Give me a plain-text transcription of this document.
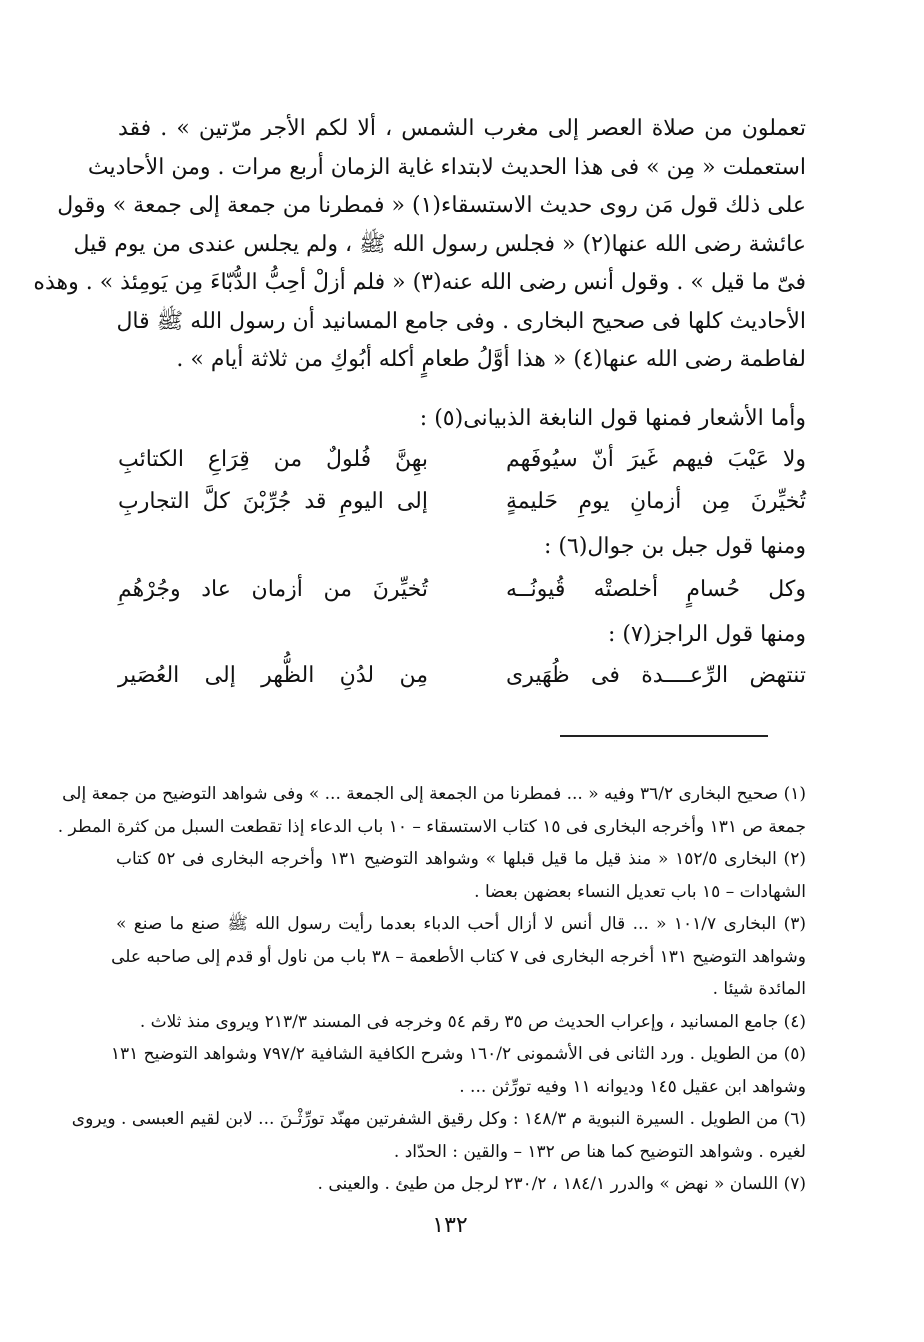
تعملون من صلاة العصر إلى مغرب الشمس ، ألا لكم الأجر مرّتين » . فقد
استعملت « مِن » فى هذا الحديث لابتداء غاية الزمان أربع مرات . ومن الأحاديث
على ذلك قول مَن روى حديث الاستسقاء(١) « فمطرنا من جمعة إلى جمعة » وقول
عائشة رضى الله عنها(٢) « فجلس رسول الله ﷺ ، ولم يجلس عندى من يوم قيل
فىّ ما قيل » . وقول أنس رضى الله عنه(٣) « فلم أزلْ أحِبُّ الدُّبّاءَ مِن يَومِئذ » . وهذه
الأحاديث كلها فى صحيح البخارى . وفى جامع المسانيد أن رسول الله ﷺ قال
لفاطمة رضى الله عنها(٤) « هذا أوَّلُ طعامٍ أكله أبُوكِ من ثلاثة أيام » .
وأما الأشعار فمنها قول النابغة الذبيانى(٥) :
ولا عَيْبَ فيهم غَيرَ أنّ سيُوفَهم
بهِنَّ فُلولٌ من قِرَاعِ الكتائبِ
تُخيِّرنَ مِن أزمانِ يومِ حَليمةٍ
إلى اليومِ قد جُرِّبْنَ كلَّ التجاربِ
ومنها قول جبل بن جوال(٦) :
وكل حُسامٍ أخلصتْه قُيونُــه
تُخيِّرنَ من أزمان عاد وجُرْهُمِ
ومنها قول الراجز(٧) :
تنتهض الرِّعــــدة فى ظُهَيرى
مِن لدُنِ الظُّهر إلى العُصَير
(١) صحيح البخارى ٣٦/٢ وفيه « ... فمطرنا من الجمعة إلى الجمعة ... » وفى شواهد التوضيح من جمعة إلى
جمعة ص ١٣١ وأخرجه البخارى فى ١٥ كتاب الاستسقاء – ١٠ باب الدعاء إذا تقطعت السبل من كثرة المطر .
(٢) البخارى ١٥٢/٥ « منذ قيل ما قيل قبلها » وشواهد التوضيح ١٣١ وأخرجه البخارى فى ٥٢ كتاب
الشهادات – ١٥ باب تعديل النساء بعضهن بعضا .
(٣) البخارى ١٠١/٧ « ... قال أنس لا أزال أحب الدباء بعدما رأيت رسول الله ﷺ صنع ما صنع »
وشواهد التوضيح ١٣١ أخرجه البخارى فى ٧ كتاب الأطعمة – ٣٨ باب من ناول أو قدم إلى صاحبه على
المائدة شيئا .
(٤) جامع المسانيد ، وإعراب الحديث ص ٣٥ رقم ٥٤ وخرجه فى المسند ٢١٣/٣ ويروى منذ ثلاث .
(٥) من الطويل . ورد الثانى فى الأشمونى ١٦٠/٢ وشرح الكافية الشافية ٧٩٧/٢ وشواهد التوضيح ١٣١
وشواهد ابن عقيل ١٤٥ وديوانه ١١ وفيه تورِّثن ... .
(٦) من الطويل . السيرة النبوية م ١٤٨/٣ : وكل رقيق الشفرتين مهنّد تورِّثْـنَ ... لابن لقيم العبسى . ويروى
لغيره . وشواهد التوضيح كما هنا ص ١٣٢ – والقين : الحدّاد .
(٧) اللسان « نهض » والدرر ١٨٤/١ ، ٢٣٠/٢ لرجل من طيئ . والعينى .
١٣٢
